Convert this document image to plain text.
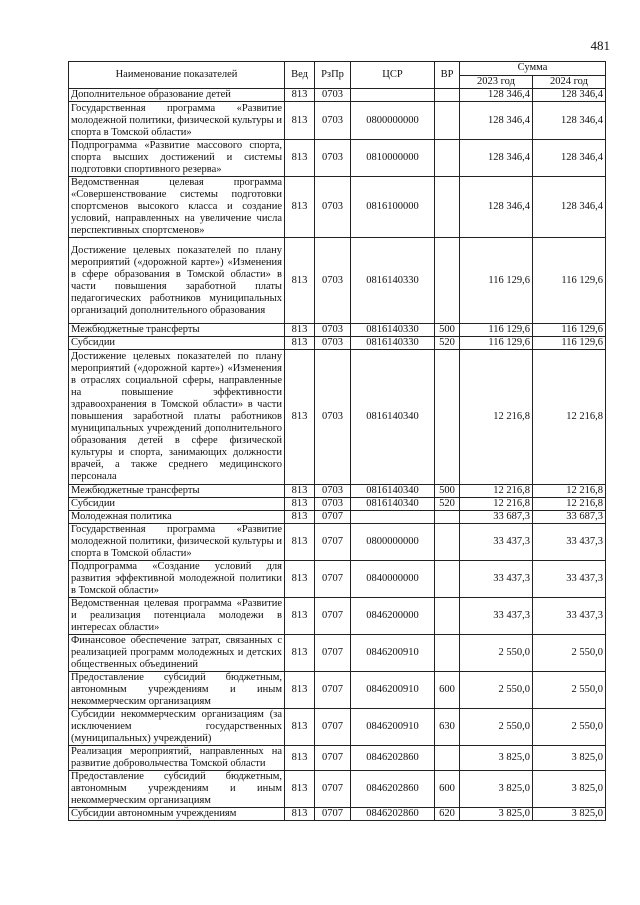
481
Наименование показателей	Вед	РзПр	ЦСР	ВР	Сумма	
					2023 год	2024 год
Дополнительное образование детей	813	0703			128 346,4	128 346,4
Государственная программа «Развитие молодежной политики, физической культуры и спорта в Томской области»	813	0703	0800000000		128 346,4	128 346,4
Подпрограмма «Развитие массового спорта, спорта высших достижений и системы подготовки спортивного резерва»	813	0703	0810000000		128 346,4	128 346,4
Ведомственная целевая программа «Совершенствование системы подготовки спортсменов высокого класса и создание условий, направленных на увеличение числа перспективных спортсменов»	813	0703	0816100000		128 346,4	128 346,4
Достижение целевых показателей по плану мероприятий («дорожной карте») «Изменения в сфере образования в Томской области» в части повышения заработной платы педагогических работников муниципальных организаций дополнительного образования	813	0703	0816140330		116 129,6	116 129,6
Межбюджетные трансферты	813	0703	0816140330	500	116 129,6	116 129,6
Субсидии	813	0703	0816140330	520	116 129,6	116 129,6
Достижение целевых показателей по плану мероприятий («дорожной карте») «Изменения в отраслях социальной сферы, направленные на повышение эффективности здравоохранения в Томской области» в части повышения заработной платы работников муниципальных учреждений дополнительного образования детей в сфере физической культуры и спорта, занимающих должности врачей, а также среднего медицинского персонала	813	0703	0816140340		12 216,8	12 216,8
Межбюджетные трансферты	813	0703	0816140340	500	12 216,8	12 216,8
Субсидии	813	0703	0816140340	520	12 216,8	12 216,8
Молодежная политика	813	0707			33 687,3	33 687,3
Государственная программа «Развитие молодежной политики, физической культуры и спорта в Томской области»	813	0707	0800000000		33 437,3	33 437,3
Подпрограмма «Создание условий для развития эффективной молодежной политики в Томской области»	813	0707	0840000000		33 437,3	33 437,3
Ведомственная целевая программа «Развитие и реализация потенциала молодежи в интересах области»	813	0707	0846200000		33 437,3	33 437,3
Финансовое обеспечение затрат, связанных с реализацией программ молодежных и детских общественных объединений	813	0707	0846200910		2 550,0	2 550,0
Предоставление субсидий бюджетным, автономным учреждениям и иным некоммерческим организациям	813	0707	0846200910	600	2 550,0	2 550,0
Субсидии некоммерческим организациям (за исключением государственных (муниципальных) учреждений)	813	0707	0846200910	630	2 550,0	2 550,0
Реализация мероприятий, направленных на развитие добровольчества Томской области	813	0707	0846202860		3 825,0	3 825,0
Предоставление субсидий бюджетным, автономным учреждениям и иным некоммерческим организациям	813	0707	0846202860	600	3 825,0	3 825,0
Субсидии автономным учреждениям	813	0707	0846202860	620	3 825,0	3 825,0
